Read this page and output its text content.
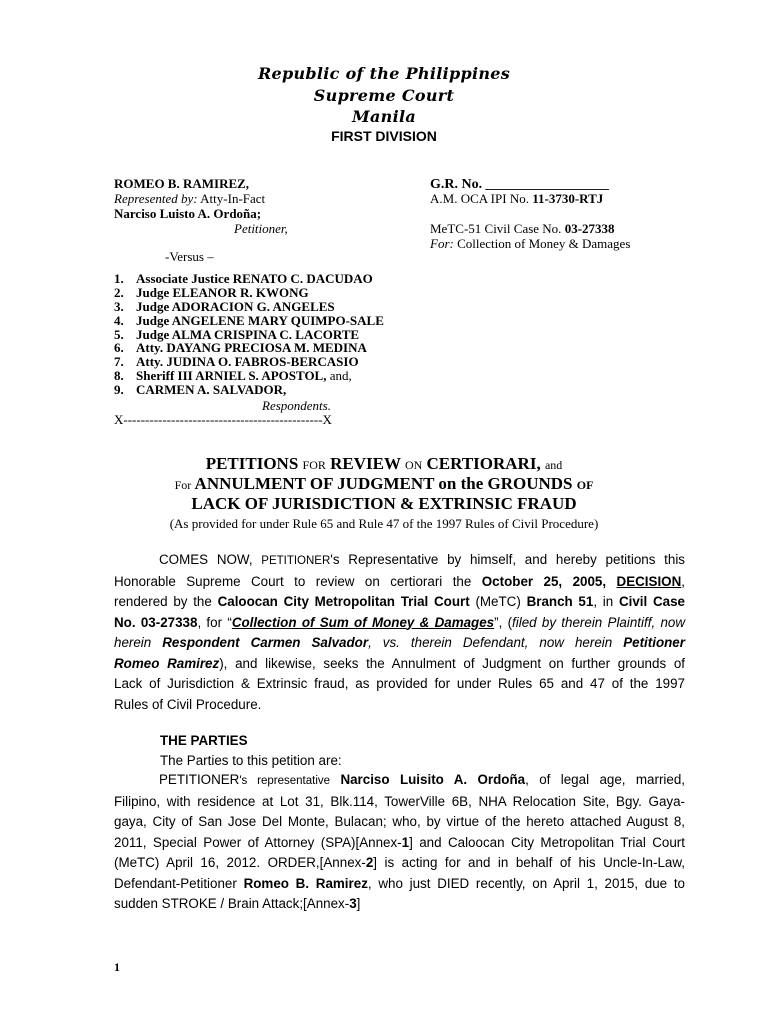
Republic of the Philippines
Supreme Court
Manila
FIRST DIVISION
ROMEO B. RAMIREZ,
Represented by: Atty-In-Fact
Narciso Luisto A. Ordoña;
Petitioner,
-Versus –
1. Associate Justice RENATO C. DACUDAO
2. Judge ELEANOR R. KWONG
3. Judge ADORACION G. ANGELES
4. Judge ANGELENE MARY QUIMPO-SALE
5. Judge ALMA CRISPINA C. LACORTE
6. Atty. DAYANG PRECIOSA M. MEDINA
7. Atty. JUDINA O. FABROS-BERCASIO
8. Sheriff III ARNIEL S. APOSTOL, and,
9. CARMEN A. SALVADOR,
Respondents.
X----------------------------------------------X
G.R. No. ___________________
A.M. OCA IPI No. 11-3730-RTJ
MeTC-51 Civil Case No. 03-27338
For: Collection of Money & Damages
PETITIONS FOR REVIEW ON CERTIORARI, and
For ANNULMENT OF JUDGMENT on the GROUNDS OF
LACK OF JURISDICTION & EXTRINSIC FRAUD
(As provided for under Rule 65 and Rule 47 of the 1997 Rules of Civil Procedure)
COMES NOW, PETITIONER's Representative by himself, and hereby petitions this
Honorable Supreme Court to review on certiorari the October 25, 2005, DECISION,
rendered by the Caloocan City Metropolitan Trial Court (MeTC) Branch 51, in Civil Case
No. 03-27338, for “Collection of Sum of Money & Damages”, (filed by therein Plaintiff, now
herein Respondent Carmen Salvador, vs. therein Defendant, now herein Petitioner
Romeo Ramirez), and likewise, seeks the Annulment of Judgment on further grounds of
Lack of Jurisdiction & Extrinsic fraud, as provided for under Rules 65 and 47 of the 1997
Rules of Civil Procedure.
THE PARTIES
The Parties to this petition are:
PETITIONER's representative Narciso Luisito A. Ordoña, of legal age, married,
Filipino, with residence at Lot 31, Blk.114, TowerVille 6B, NHA Relocation Site, Bgy. Gaya-
gaya, City of San Jose Del Monte, Bulacan; who, by virtue of the hereto attached August 8,
2011, Special Power of Attorney (SPA)[Annex-1] and Caloocan City Metropolitan Trial Court
(MeTC) April 16, 2012. ORDER,[Annex-2] is acting for and in behalf of his Uncle-In-Law,
Defendant-Petitioner Romeo B. Ramirez, who just DIED recently, on April 1, 2015, due to
sudden STROKE / Brain Attack;[Annex-3]
1
